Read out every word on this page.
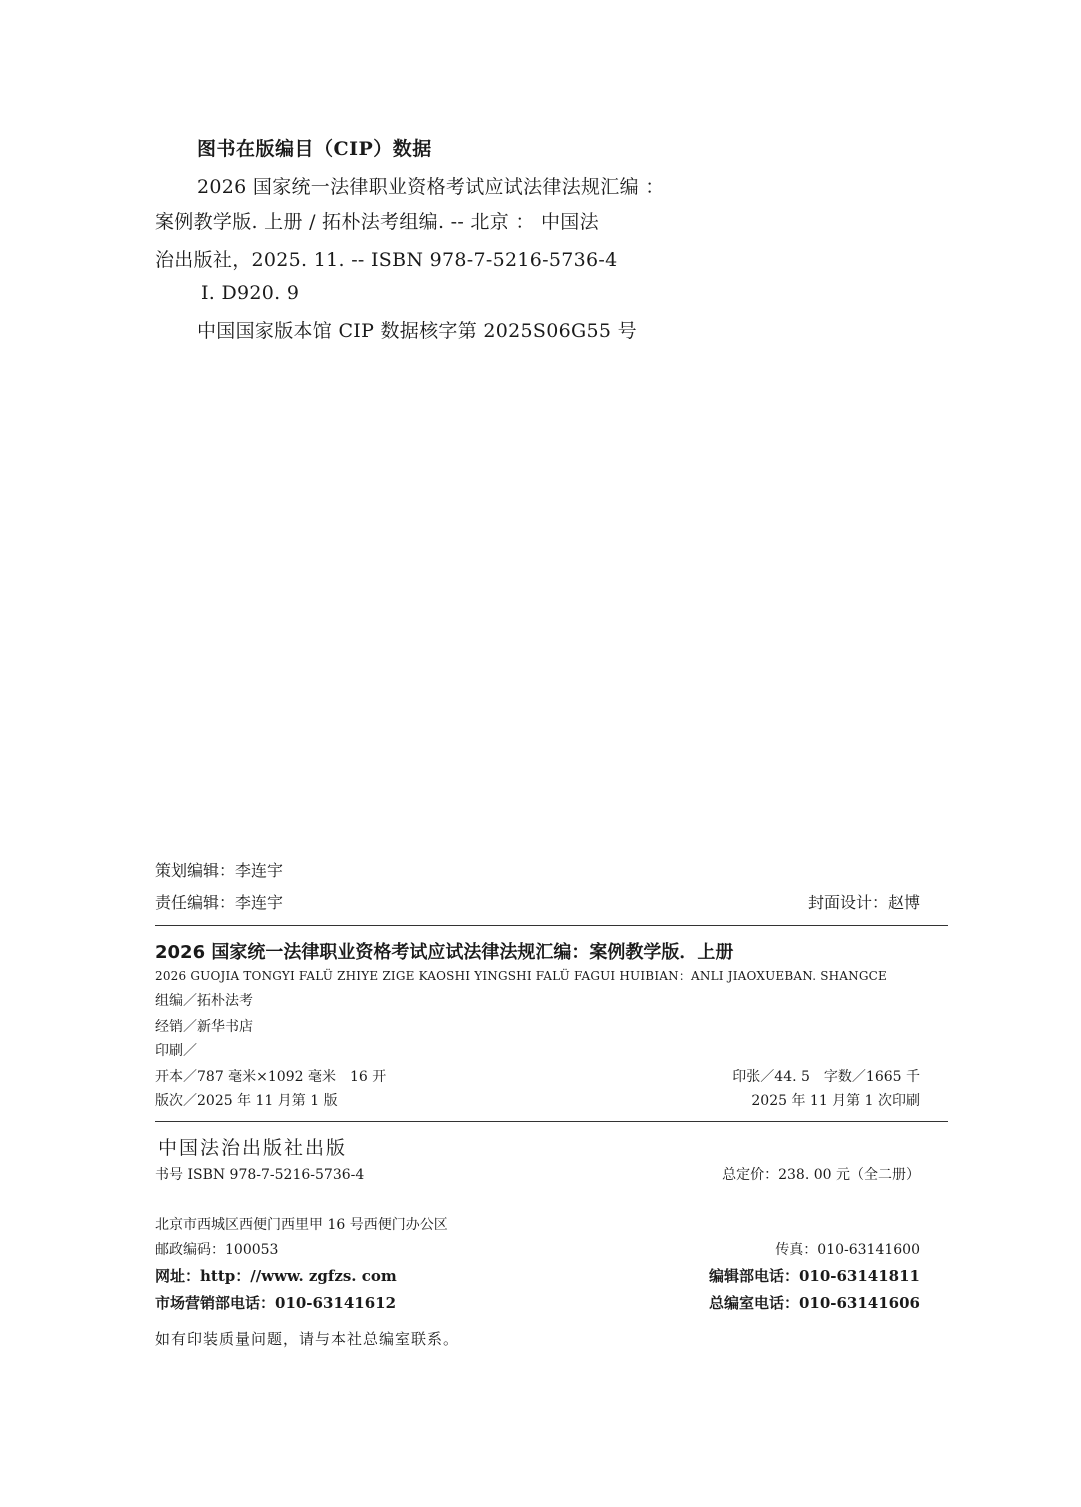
图书在版编目（CIP）数据
2026 国家统一法律职业资格考试应试法律法规汇编 ：
案例教学版. 上册 / 拓朴法考组编. -- 北京 ： 中国法
治出版社，2025. 11. -- ISBN 978-7-5216-5736-4
Ⅰ. D920. 9
中国国家版本馆 CIP 数据核字第 2025S06G55 号
策划编辑：李连宇
责任编辑：李连宇	封面设计：赵博
2026 国家统一法律职业资格考试应试法律法规汇编：案例教学版．上册
2026 GUOJIA TONGYI FALÜ ZHIYE ZIGE KAOSHI YINGSHI FALÜ FAGUI HUIBIAN：ANLI JIAOXUEBAN. SHANGCE
组编／拓朴法考
经销／新华书店
印刷／
开本／787 毫米×1092 毫米　16 开	印张／44. 5　字数／1665 千
版次／2025 年 11 月第 1 版	2025 年 11 月第 1 次印刷
中国法治出版社出版
书号 ISBN 978-7-5216-5736-4	总定价：238. 00 元（全二册）
北京市西城区西便门西里甲 16 号西便门办公区
邮政编码：100053	传真：010-63141600
网址：http：//www. zgfzs. com	编辑部电话：010-63141811
市场营销部电话：010-63141612	总编室电话：010-63141606
如有印装质量问题，请与本社总编室联系。
